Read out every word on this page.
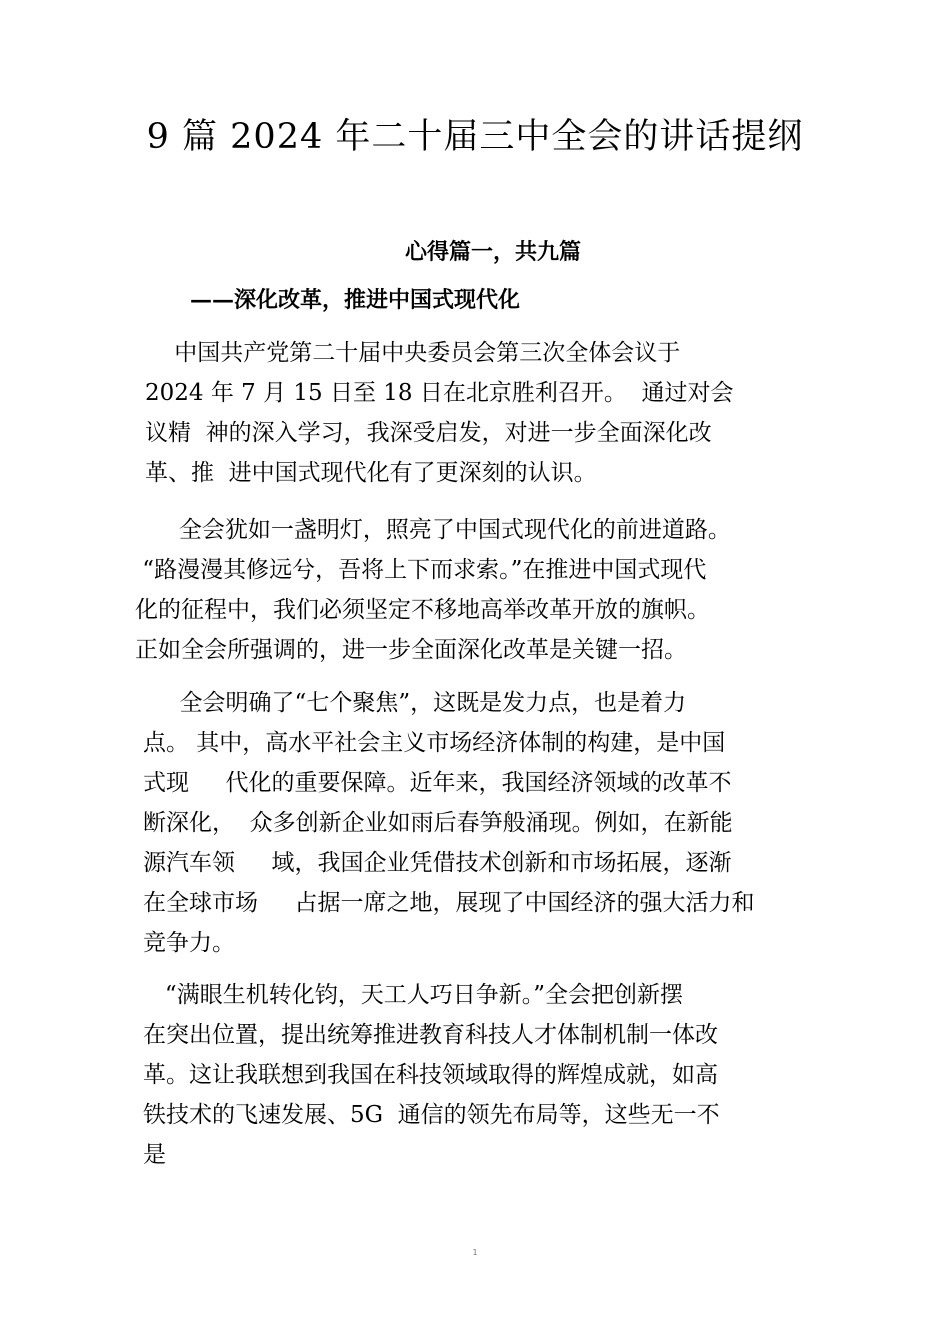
9 篇 2024 年二十届三中全会的讲话提纲
心得篇一，共九篇
——深化改革，推进中国式现代化
中国共产党第二十届中央委员会第三次全体会议于
2024 年 7 月 15 日至 18 日在北京胜利召开。  通过对会
议精  神的深入学习，我深受启发，对进一步全面深化改
革、推  进中国式现代化有了更深刻的认识。
全会犹如一盏明灯，照亮了中国式现代化的前进道路。
“路漫漫其修远兮，吾将上下而求索。”在推进中国式现代
化的征程中，我们必须坚定不移地高举改革开放的旗帜。
正如全会所强调的，进一步全面深化改革是关键一招。
全会明确了“七个聚焦”，这既是发力点，也是着力
点。 其中，高水平社会主义市场经济体制的构建，是中国
式现     代化的重要保障。近年来，我国经济领域的改革不
断深化，  众多创新企业如雨后春笋般涌现。例如，在新能
源汽车领     域，我国企业凭借技术创新和市场拓展，逐渐
在全球市场     占据一席之地，展现了中国经济的强大活力和
竞争力。
“满眼生机转化钧，天工人巧日争新。”全会把创新摆
在突出位置，提出统筹推进教育科技人才体制机制一体改
革。这让我联想到我国在科技领域取得的辉煌成就，如高
铁技术的飞速发展、5G  通信的领先布局等，这些无一不
是
1
